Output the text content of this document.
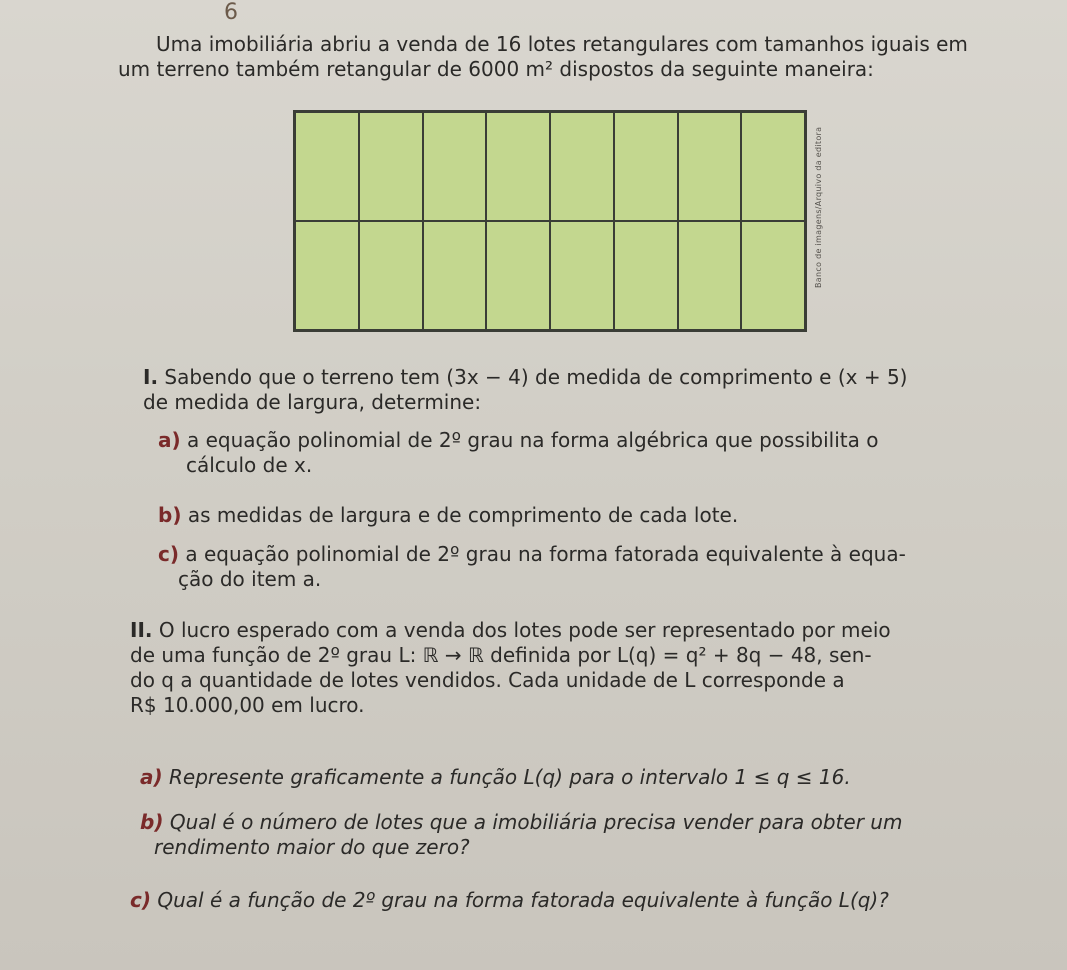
6
Uma imobiliária abriu a venda de 16 lotes retangulares com tamanhos iguais em
um terreno também retangular de 6000 m² dispostos da seguinte maneira:
Banco de imagens/Arquivo da editora
I. Sabendo que o terreno tem (3x − 4) de medida de comprimento e (x + 5)
de medida de largura, determine:
a) a equação polinomial de 2º grau na forma algébrica que possibilita o
cálculo de x.
b) as medidas de largura e de comprimento de cada lote.
c) a equação polinomial de 2º grau na forma fatorada equivalente à equa-
ção do item a.
II. O lucro esperado com a venda dos lotes pode ser representado por meio
de uma função de 2º grau L: ℝ → ℝ definida por L(q) = q² + 8q − 48, sen-
do q a quantidade de lotes vendidos. Cada unidade de L corresponde a
R$ 10.000,00 em lucro.
a) Represente graficamente a função L(q) para o intervalo 1 ≤ q ≤ 16.
b) Qual é o número de lotes que a imobiliária precisa vender para obter um
rendimento maior do que zero?
c) Qual é a função de 2º grau na forma fatorada equivalente à função L(q)?
